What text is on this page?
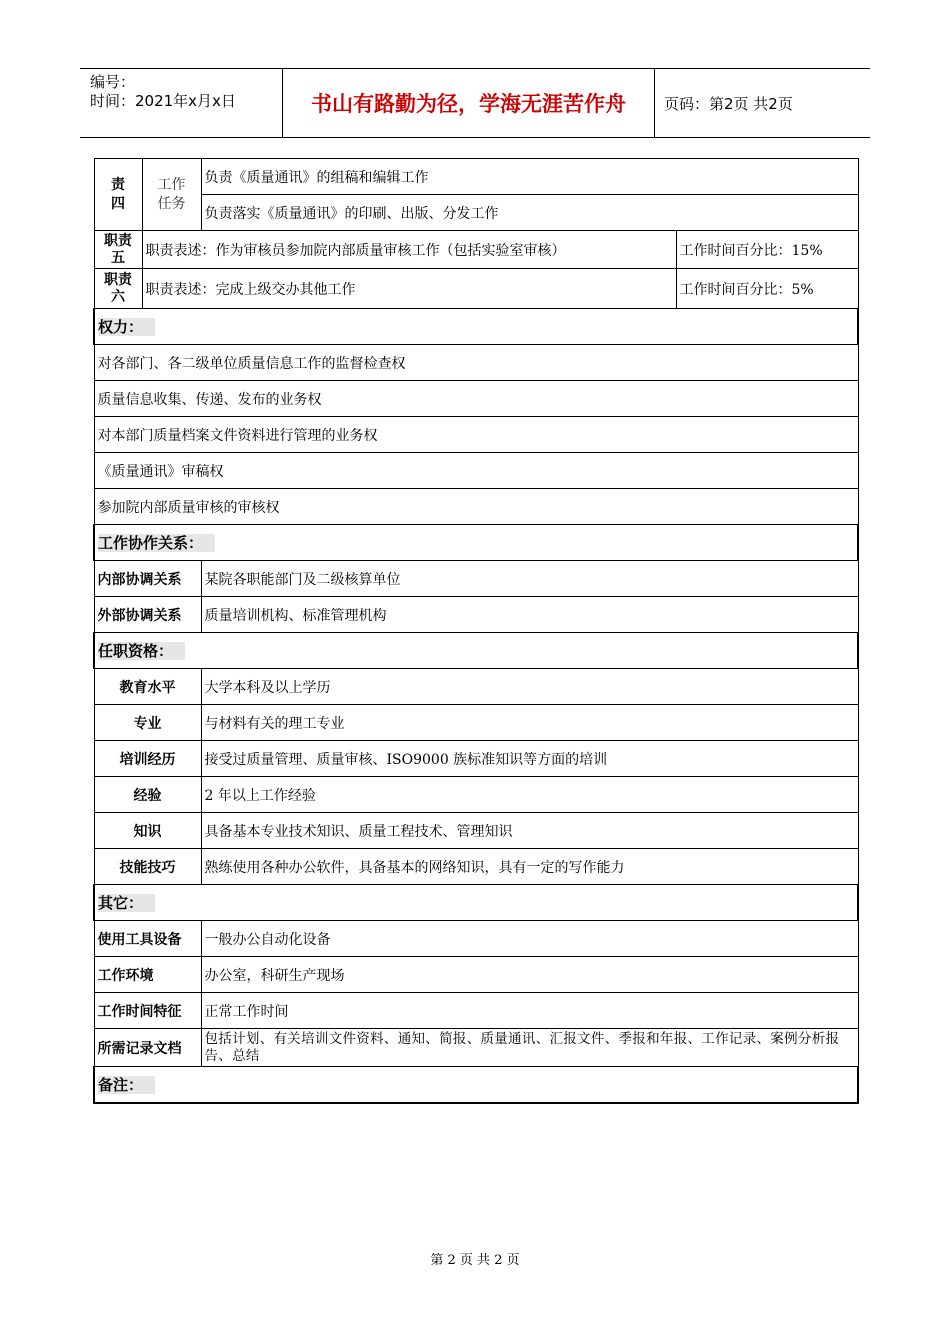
编号：
时间：2021年x月x日	书山有路勤为径，学海无涯苦作舟	页码：第2页 共2页
责四	工作任务	负责《质量通讯》的组稿和编辑工作	
		负责落实《质量通讯》的印刷、出版、分发工作	
职责五	职责表述：作为审核员参加院内部质量审核工作（包括实验室审核）		工作时间百分比：15%
职责六	职责表述：完成上级交办其他工作		工作时间百分比：5%
权力：			
对各部门、各二级单位质量信息工作的监督检查权			
质量信息收集、传递、发布的业务权			
对本部门质量档案文件资料进行管理的业务权			
《质量通讯》审稿权			
参加院内部质量审核的审核权			
工作协作关系：			
内部协调关系		某院各职能部门及二级核算单位	
外部协调关系		质量培训机构、标准管理机构	
任职资格：			
教育水平		大学本科及以上学历	
专业		与材料有关的理工专业	
培训经历		接受过质量管理、质量审核、ISO9000 族标准知识等方面的培训	
经验		2 年以上工作经验	
知识		具备基本专业技术知识、质量工程技术、管理知识	
技能技巧		熟练使用各种办公软件，具备基本的网络知识，具有一定的写作能力	
其它：			
使用工具设备		一般办公自动化设备	
工作环境		办公室，科研生产现场	
工作时间特征		正常工作时间	
所需记录文档		包括计划、有关培训文件资料、通知、简报、质量通讯、汇报文件、季报和年报、工作记录、案例分析报告、总结	
备注：			
第 2 页 共 2 页
